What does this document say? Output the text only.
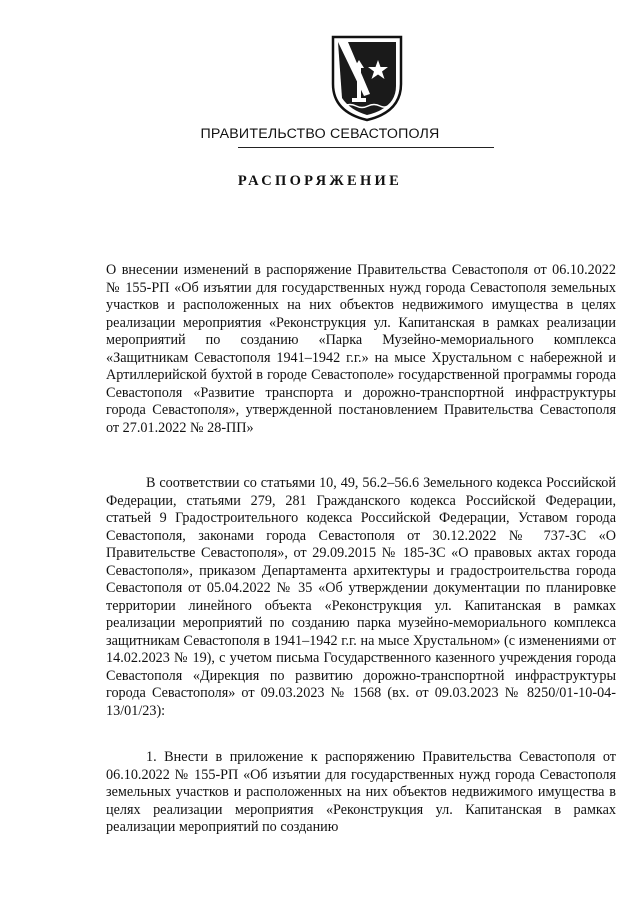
ПРАВИТЕЛЬСТВО СЕВАСТОПОЛЯ
РАСПОРЯЖЕНИЕ

О внесении изменений в распоряжение Правительства Севастополя от 06.10.2022 № 155-РП «Об изъятии для государственных нужд города Севастополя земельных участков и расположенных на них объектов недвижимого имущества в целях реализации мероприятия «Реконструкция ул. Капитанская в рамках реализации мероприятий по созданию «Парка Музейно-мемориального комплекса «Защитникам Севастополя 1941–1942 г.г.» на мысе Хрустальном с набережной и Артиллерийской бухтой в городе Севастополе» государственной программы города Севастополя «Развитие транспорта и дорожно-транспортной инфраструктуры города Севастополя», утвержденной постановлением Правительства Севастополя от 27.01.2022 № 28-ПП»

В соответствии со статьями 10, 49, 56.2–56.6 Земельного кодекса Российской Федерации, статьями 279, 281 Гражданского кодекса Российской Федерации, статьей 9 Градостроительного кодекса Российской Федерации, Уставом города Севастополя, законами города Севастополя от 30.12.2022 № 737-ЗС «О Правительстве Севастополя», от 29.09.2015 № 185-ЗС «О правовых актах города Севастополя», приказом Департамента архитектуры и градостроительства города Севастополя от 05.04.2022 № 35 «Об утверждении документации по планировке территории линейного объекта «Реконструкция ул. Капитанская в рамках реализации мероприятий по созданию парка музейно-мемориального комплекса защитникам Севастополя в 1941–1942 г.г. на мысе Хрустальном» (с изменениями от 14.02.2023 № 19), с учетом письма Государственного казенного учреждения города Севастополя «Дирекция по развитию дорожно-транспортной инфраструктуры города Севастополя» от 09.03.2023 № 1568 (вх. от 09.03.2023 № 8250/01-10-04-13/01/23):

1. Внести в приложение к распоряжению Правительства Севастополя от 06.10.2022 № 155-РП «Об изъятии для государственных нужд города Севастополя земельных участков и расположенных на них объектов недвижимого имущества в целях реализации мероприятия «Реконструкция ул. Капитанская в рамках реализации мероприятий по созданию
